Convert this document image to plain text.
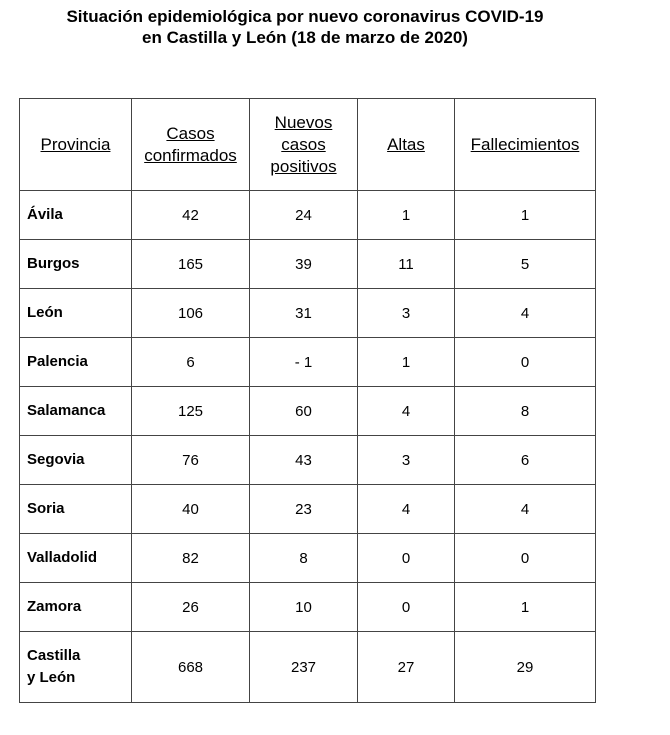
Situación epidemiológica por nuevo coronavirus COVID-19
en Castilla y León (18 de marzo de 2020)
Provincia	Casos confirmados	Nuevos casos positivos	Altas	Fallecimientos
Ávila	42	24	1	1
Burgos	165	39	11	5
León	106	31	3	4
Palencia	6	- 1	1	0
Salamanca	125	60	4	8
Segovia	76	43	3	6
Soria	40	23	4	4
Valladolid	82	8	0	0
Zamora	26	10	0	1
Castilla
y León	668	237	27	29
